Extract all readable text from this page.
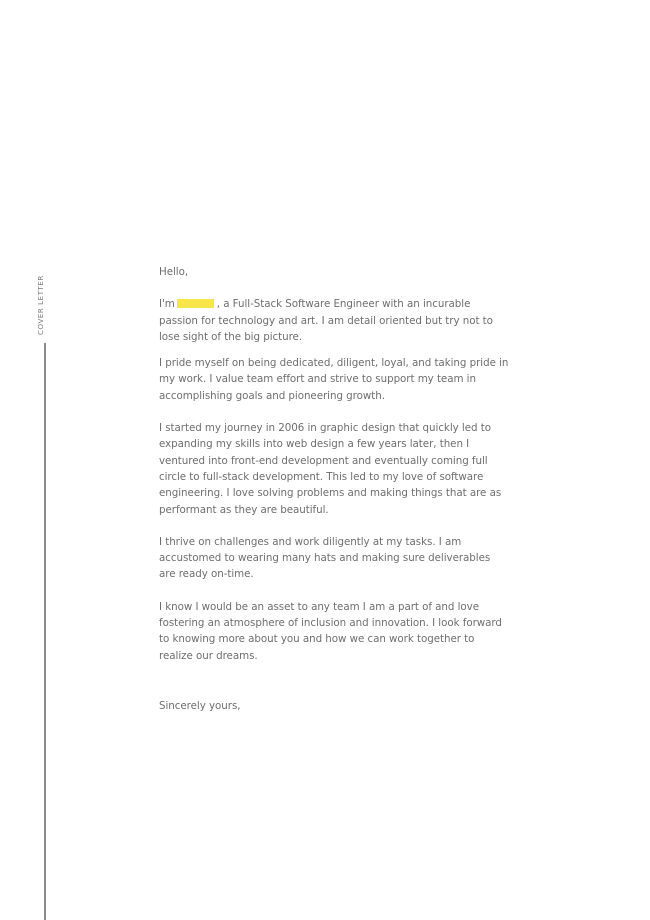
COVER LETTER

Hello,

I'm	, a Full-Stack Software Engineer with an incurable passion for technology and art. I am detail oriented but try not to lose sight of the big picture.

I pride myself on being dedicated, diligent, loyal, and taking pride in my work. I value team effort and strive to support my team in accomplishing goals and pioneering growth.

I started my journey in 2006 in graphic design that quickly led to expanding my skills into web design a few years later, then I ventured into front-end development and eventually coming full circle to full-stack development. This led to my love of software engineering. I love solving problems and making things that are as performant as they are beautiful.

I thrive on challenges and work diligently at my tasks. I am accustomed to wearing many hats and making sure deliverables are ready on-time.

I know I would be an asset to any team I am a part of and love fostering an atmosphere of inclusion and innovation. I look forward to knowing more about you and how we can work together to realize our dreams.

Sincerely yours,
